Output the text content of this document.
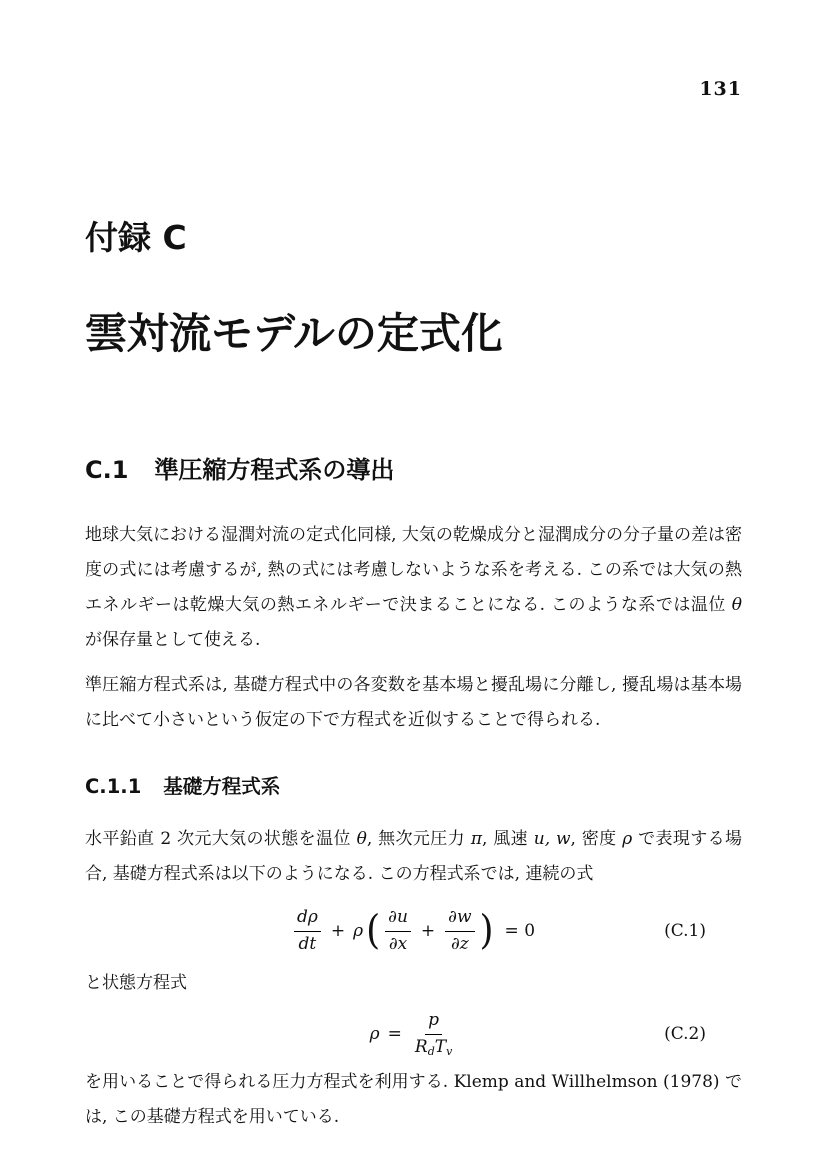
131
付録 C
雲対流モデルの定式化
C.1 準圧縮方程式系の導出

地球大気における湿潤対流の定式化同様, 大気の乾燥成分と湿潤成分の分子量の差は密度の式には考慮するが, 熱の式には考慮しないような系を考える. この系では大気の熱エネルギーは乾燥大気の熱エネルギーで決まることになる. このような系では温位 θ が保存量として使える.

準圧縮方程式系は, 基礎方程式中の各変数を基本場と擾乱場に分離し, 擾乱場は基本場に比べて小さいという仮定の下で方程式を近似することで得られる.

C.1.1 基礎方程式系

水平鉛直 2 次元大気の状態を温位 θ, 無次元圧力 π, 風速 u, w, 密度 ρ で表現する場合, 基礎方程式系は以下のようになる. この方程式系では, 連続の式

$\frac{d\rho}{dt} + \rho$ ( $\frac{\partial u}{\partial x} + \frac{\partial w}{\partial z}$ ) = 0	(C.1)

と状態方程式

$\rho = \frac{p}{R_dT_v}$	(C.2)

を用いることで得られる圧力方程式を利用する. Klemp and Willhelmson (1978) では, この基礎方程式を用いている.
